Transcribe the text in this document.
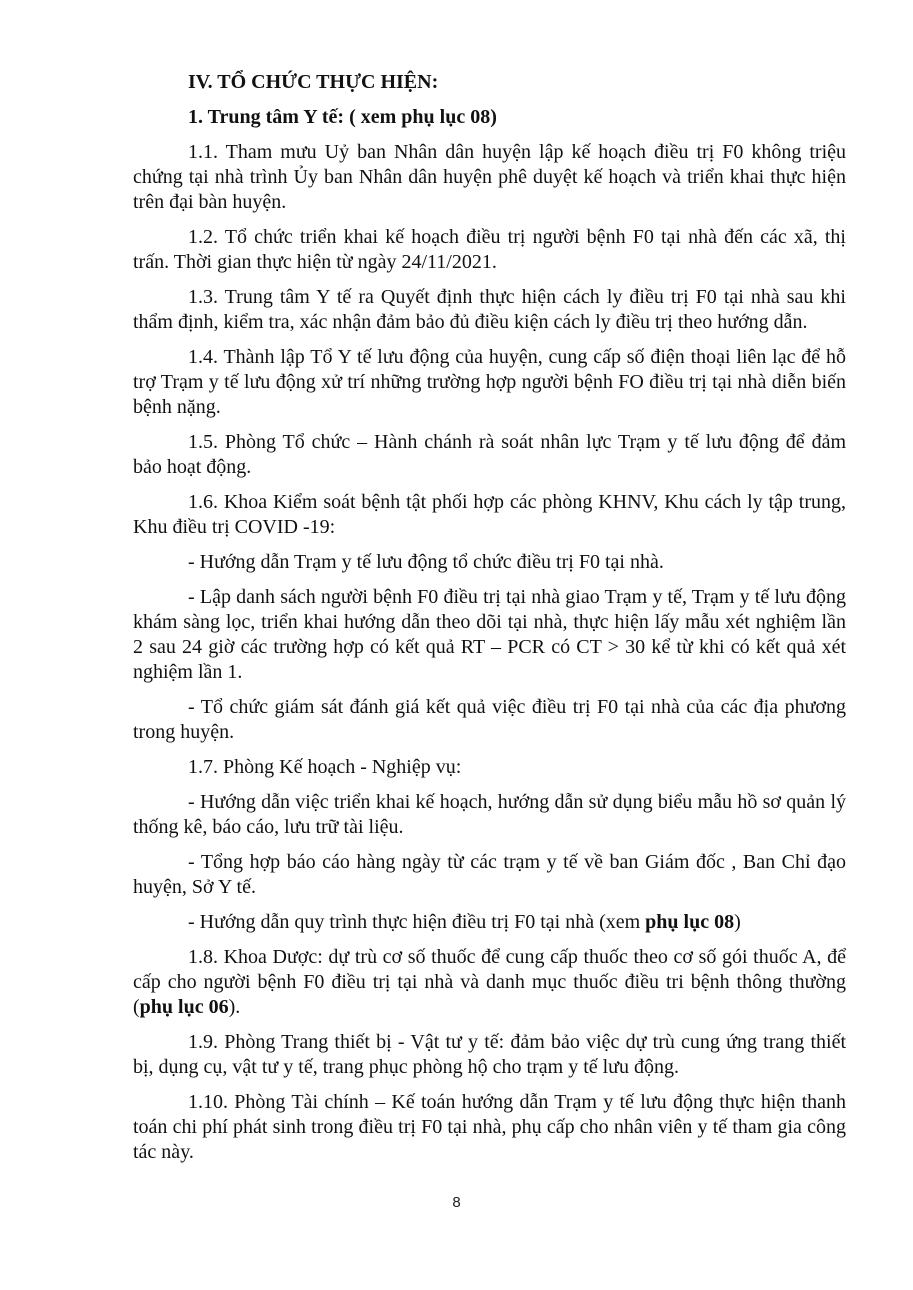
IV. TỔ CHỨC THỰC HIỆN:
1. Trung tâm Y tế: ( xem phụ lục 08)

1.1. Tham mưu Uỷ ban Nhân dân huyện lập kế hoạch điều trị F0 không triệu chứng tại nhà trình Ủy ban Nhân dân huyện phê duyệt kế hoạch và triển khai thực hiện trên đại bàn huyện.

1.2. Tổ chức triển khai kế hoạch điều trị người bệnh F0 tại nhà đến các xã, thị trấn. Thời gian thực hiện từ ngày 24/11/2021.

1.3. Trung tâm Y tế ra Quyết định thực hiện cách ly điều trị F0 tại nhà sau khi thẩm định, kiểm tra, xác nhận đảm bảo đủ điều kiện cách ly điều trị theo hướng dẫn.

1.4. Thành lập Tổ Y tế lưu động của huyện, cung cấp số điện thoại liên lạc để hỗ trợ Trạm y tế lưu động xử trí những trường hợp người bệnh FO điều trị tại nhà diễn biến bệnh nặng.

1.5. Phòng Tổ chức – Hành chánh rà soát nhân lực Trạm y tế lưu động để đảm bảo hoạt động.

1.6. Khoa Kiểm soát bệnh tật phối hợp các phòng KHNV, Khu cách ly tập trung, Khu điều trị COVID -19:

- Hướng dẫn Trạm y tế lưu động tổ chức điều trị F0 tại nhà.

- Lập danh sách người bệnh F0 điều trị tại nhà giao Trạm y tế, Trạm y tế lưu động khám sàng lọc, triển khai hướng dẫn theo dõi tại nhà, thực hiện lấy mẫu xét nghiệm lần 2 sau 24 giờ các trường hợp có kết quả RT – PCR có CT > 30 kể từ khi có kết quả xét nghiệm lần 1.

- Tổ chức giám sát đánh giá kết quả việc điều trị F0 tại nhà của các địa phương trong huyện.

1.7. Phòng Kế hoạch - Nghiệp vụ:

- Hướng dẫn việc triển khai kế hoạch, hướng dẫn sử dụng biểu mẫu hồ sơ quản lý thống kê, báo cáo, lưu trữ tài liệu.

- Tổng hợp báo cáo hàng ngày từ các trạm y tế về ban Giám đốc , Ban Chỉ đạo huyện, Sở Y tế.

- Hướng dẫn quy trình thực hiện điều trị F0 tại nhà (xem phụ lục 08)

1.8. Khoa Dược: dự trù cơ số thuốc để cung cấp thuốc theo cơ số gói thuốc A, để cấp cho người bệnh F0 điều trị tại nhà và danh mục thuốc điều tri bệnh thông thường (phụ lục 06).

1.9. Phòng Trang thiết bị - Vật tư y tế: đảm bảo việc dự trù cung ứng trang thiết bị, dụng cụ, vật tư y tế, trang phục phòng hộ cho trạm y tế lưu động.

1.10. Phòng Tài chính – Kế toán hướng dẫn Trạm y tế lưu động thực hiện thanh toán chi phí phát sinh trong điều trị F0 tại nhà, phụ cấp cho nhân viên y tế tham gia công tác này.

8
